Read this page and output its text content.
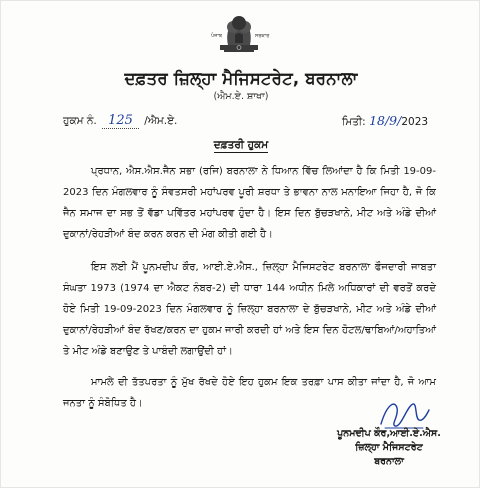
ਪੰਜਾਬ	ਸਰਕਾਰ
ਦਫ਼ਤਰ ਜ਼ਿਲ੍ਹਾ ਮੈਜਿਸਟਰੇਟ, ਬਰਨਾਲਾ
(ਐਮ.ਏ. ਸ਼ਾਖਾ)
ਹੁਕਮ ਨੰ. 125 /ਐਮ.ਏ.	ਮਿਤੀ: 18/9/2023
ਦਫ਼ਤਰੀ ਹੁਕਮ
ਪ੍ਰਧਾਨ, ਐਸ.ਐਸ.ਜੈਨ ਸਭਾ (ਰਜਿ) ਬਰਨਾਲਾ ਨੇ ਧਿਆਨ ਵਿੱਚ ਲਿਆਂਦਾ ਹੈ ਕਿ ਮਿਤੀ 19-09-2023 ਦਿਨ ਮੰਗਲਵਾਰ ਨੂੰ ਸੰਵਤਸਰੀ ਮਹਾਂਪਰਵ ਪੂਰੀ ਸ਼ਰਧਾ ਤੇ ਭਾਵਨਾ ਨਾਲ ਮਨਾਇਆ ਜਿਹਾ ਹੈ, ਜੋ ਕਿ ਜੈਨ ਸਮਾਜ ਦਾ ਸਭ ਤੋਂ ਵੱਡਾ ਪਵਿੱਤਰ ਮਹਾਂਪਰਵ ਹੁੰਦਾ ਹੈ। ਇਸ ਦਿਨ ਬੁੱਚੜਖਾਨੇ, ਮੀਟ ਅਤੇ ਅੰਡੇ ਦੀਆਂ ਦੁਕਾਨਾਂ/ਰੇਹੜੀਆਂ ਬੰਦ ਕਰਨ ਕਰਨ ਦੀ ਮੰਗ ਕੀਤੀ ਗਈ ਹੈ।
ਇਸ ਲਈ ਮੈਂ ਪੂਨਮਦੀਪ ਕੌਰ, ਆਈ.ਏ.ਐਸ., ਜ਼ਿਲ੍ਹਾ ਮੈਜਿਸਟਰੇਟ ਬਰਨਾਲਾ ਫੌਜਦਾਰੀ ਜਾਬਤਾ ਸੰਘਤਾ 1973 (1974 ਦਾ ਐਕਟ ਨੰਬਰ-2) ਦੀ ਧਾਰਾ 144 ਅਧੀਨ ਮਿਲੇ ਅਧਿਕਾਰਾਂ ਦੀ ਵਰਤੋਂ ਕਰਦੇ ਹੋਏ ਮਿਤੀ 19-09-2023 ਦਿਨ ਮੰਗਲਵਾਰ ਨੂੰ ਜ਼ਿਲ੍ਹਾ ਬਰਨਾਲਾ ਦੇ ਬੁੱਚੜਖਾਨੇ, ਮੀਟ ਅਤੇ ਅੰਡੇ ਦੀਆਂ ਦੁਕਾਨਾਂ/ਰੇਹੜੀਆਂ ਬੰਦ ਰੱਖਣ/ਕਰਨ ਦਾ ਹੁਕਮ ਜਾਰੀ ਕਰਦੀ ਹਾਂ ਅਤੇ ਇਸ ਦਿਨ ਹੋਟਲ/ਢਾਬਿਆਂ/ਅਹਾਤਿਆਂ ਤੇ ਮੀਟ ਅੰਡੇ ਬਣਾਉਣ ਤੇ ਪਾਬੰਦੀ ਲਗਾਉਂਦੀ ਹਾਂ।
ਮਾਮਲੇ ਦੀ ਤੱਤਪਰਤਾ ਨੂੰ ਮੁੱਖ ਰੱਖਦੇ ਹੋਏ ਇਹ ਹੁਕਮ ਇਕ ਤਰਫ਼ਾ ਪਾਸ ਕੀਤਾ ਜਾਂਦਾ ਹੈ, ਜੋ ਆਮ ਜਨਤਾ ਨੂੰ ਸੰਬੋਧਿਤ ਹੈ।
ਪੂਨਮਦੀਪ ਕੌਰ,ਆਈ.ਏ.ਐਸ.
ਜ਼ਿਲ੍ਹਾ ਮੈਜਿਸਟਰੇਟ
ਬਰਨਾਲਾ
